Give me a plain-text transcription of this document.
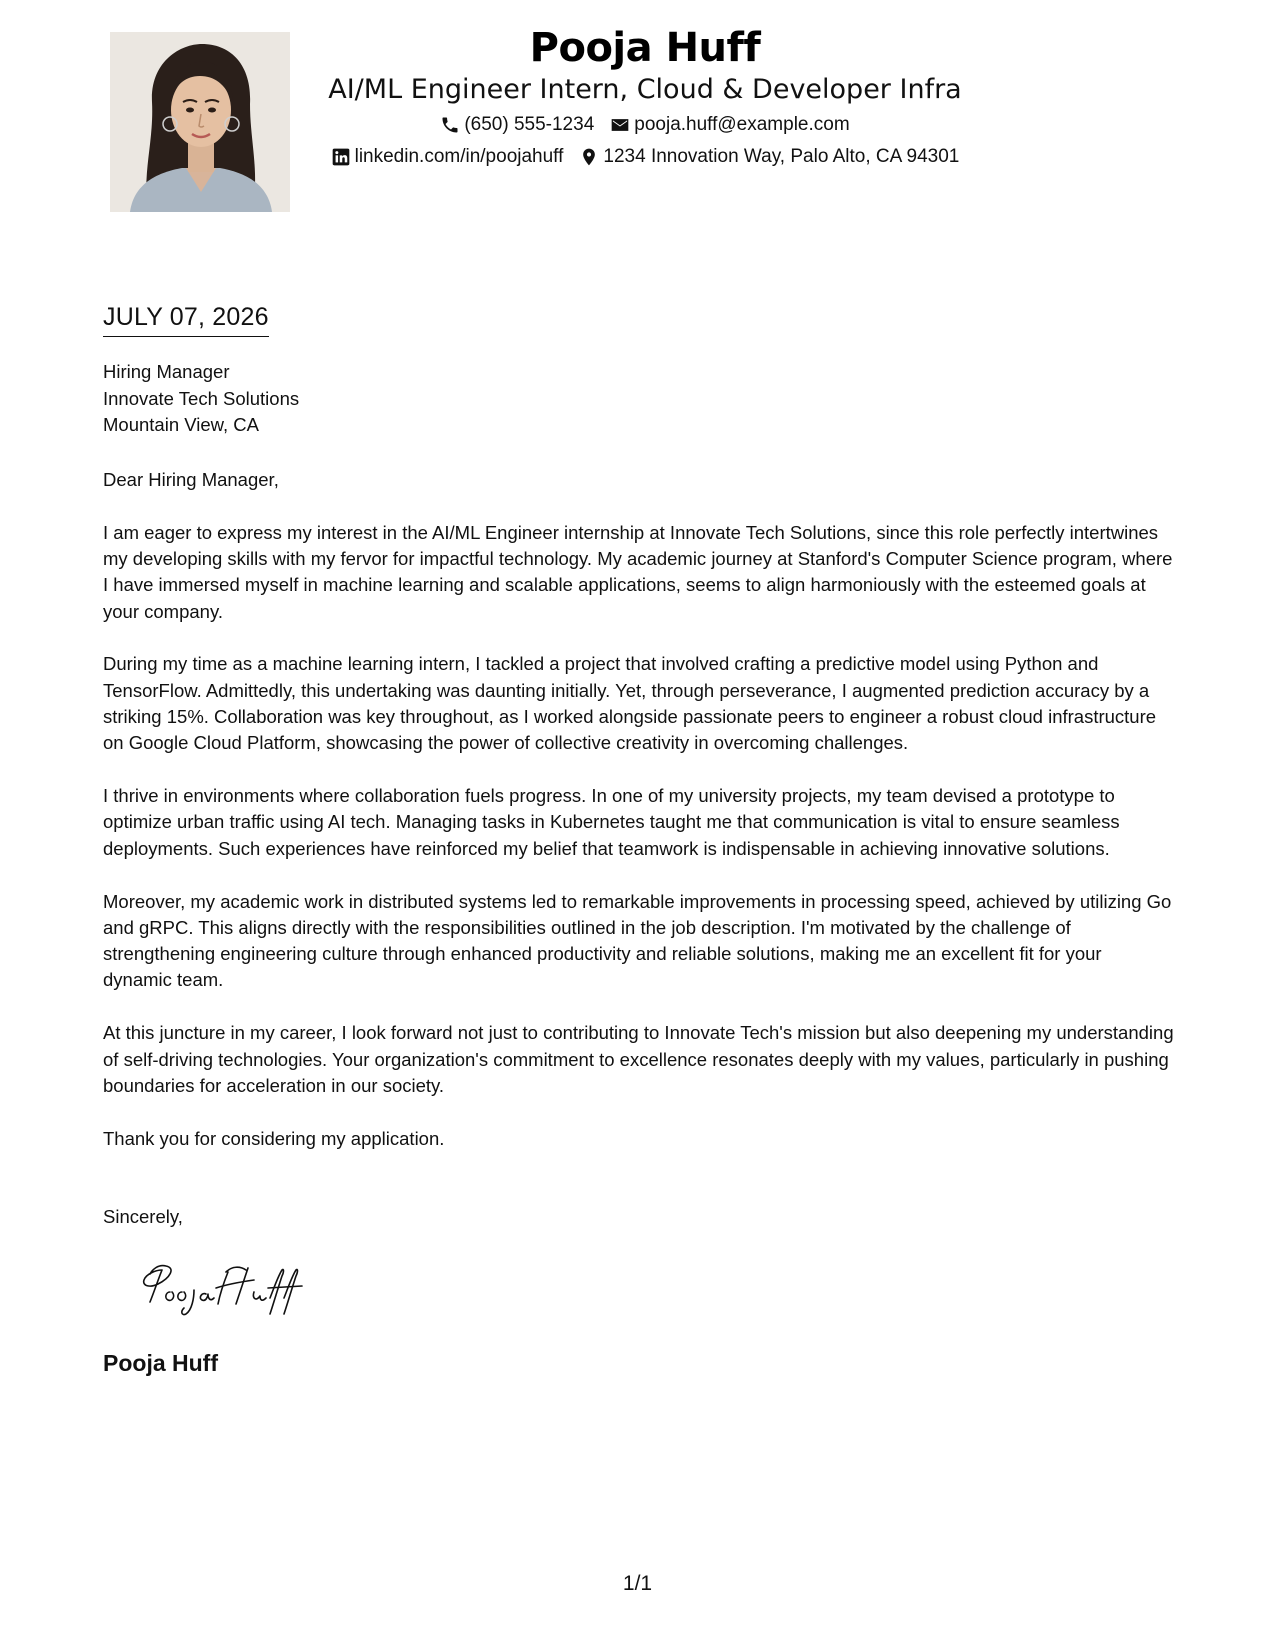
Pooja Huff
AI/ML Engineer Intern, Cloud & Developer Infra
(650) 555-1234 pooja.huff@example.com
linkedin.com/in/poojahuff 1234 Innovation Way, Palo Alto, CA 94301
JULY 07, 2026
Hiring Manager
Innovate Tech Solutions
Mountain View, CA

Dear Hiring Manager,

I am eager to express my interest in the AI/ML Engineer internship at Innovate Tech Solutions, since this role perfectly intertwines my developing skills with my fervor for impactful technology. My academic journey at Stanford's Computer Science program, where I have immersed myself in machine learning and scalable applications, seems to align harmoniously with the esteemed goals at your company.

During my time as a machine learning intern, I tackled a project that involved crafting a predictive model using Python and TensorFlow. Admittedly, this undertaking was daunting initially. Yet, through perseverance, I augmented prediction accuracy by a striking 15%. Collaboration was key throughout, as I worked alongside passionate peers to engineer a robust cloud infrastructure on Google Cloud Platform, showcasing the power of collective creativity in overcoming challenges.

I thrive in environments where collaboration fuels progress. In one of my university projects, my team devised a prototype to optimize urban traffic using AI tech. Managing tasks in Kubernetes taught me that communication is vital to ensure seamless deployments. Such experiences have reinforced my belief that teamwork is indispensable in achieving innovative solutions.

Moreover, my academic work in distributed systems led to remarkable improvements in processing speed, achieved by utilizing Go and gRPC. This aligns directly with the responsibilities outlined in the job description. I'm motivated by the challenge of strengthening engineering culture through enhanced productivity and reliable solutions, making me an excellent fit for your dynamic team.

At this juncture in my career, I look forward not just to contributing to Innovate Tech's mission but also deepening my understanding of self-driving technologies. Your organization's commitment to excellence resonates deeply with my values, particularly in pushing boundaries for acceleration in our society.

Thank you for considering my application.

Sincerely,
Pooja Huff
1/1
